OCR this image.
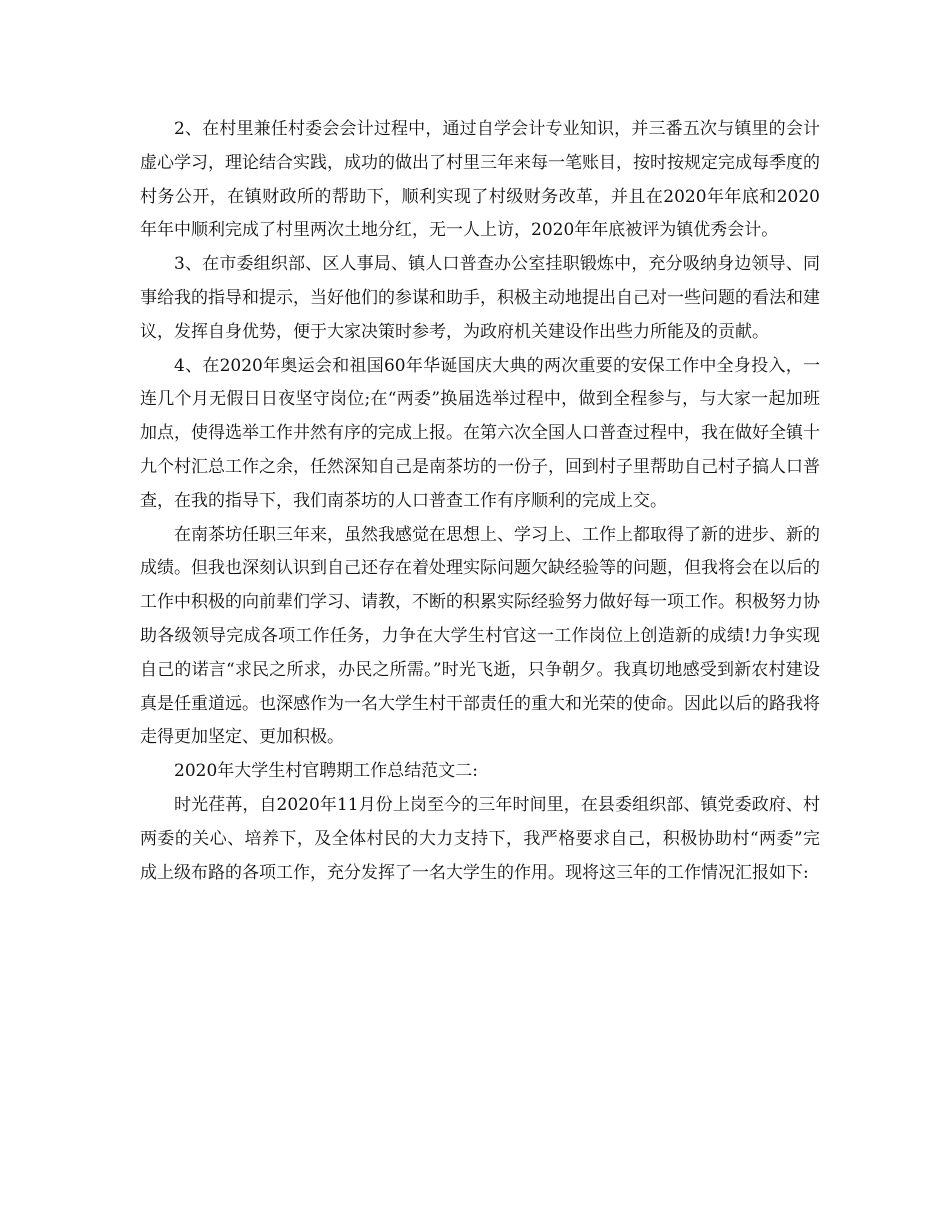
2、在村里兼任村委会会计过程中，通过自学会计专业知识，并三番五次与镇里的会计虚心学习，理论结合实践，成功的做出了村里三年来每一笔账目，按时按规定完成每季度的村务公开，在镇财政所的帮助下，顺利实现了村级财务改革，并且在2020年年底和2020年年中顺利完成了村里两次土地分红，无一人上访，2020年年底被评为镇优秀会计。

3、在市委组织部、区人事局、镇人口普查办公室挂职锻炼中，充分吸纳身边领导、同事给我的指导和提示，当好他们的参谋和助手，积极主动地提出自己对一些问题的看法和建议，发挥自身优势，便于大家决策时参考，为政府机关建设作出些力所能及的贡献。

4、在2020年奥运会和祖国60年华诞国庆大典的两次重要的安保工作中全身投入，一连几个月无假日日夜坚守岗位;在“两委”换届选举过程中，做到全程参与，与大家一起加班加点，使得选举工作井然有序的完成上报。在第六次全国人口普查过程中，我在做好全镇十九个村汇总工作之余，任然深知自己是南茶坊的一份子，回到村子里帮助自己村子搞人口普查，在我的指导下，我们南茶坊的人口普查工作有序顺利的完成上交。

在南茶坊任职三年来，虽然我感觉在思想上、学习上、工作上都取得了新的进步、新的成绩。但我也深刻认识到自己还存在着处理实际问题欠缺经验等的问题，但我将会在以后的工作中积极的向前辈们学习、请教，不断的积累实际经验努力做好每一项工作。积极努力协助各级领导完成各项工作任务，力争在大学生村官这一工作岗位上创造新的成绩!力争实现自己的诺言“求民之所求，办民之所需。”时光飞逝，只争朝夕。我真切地感受到新农村建设真是任重道远。也深感作为一名大学生村干部责任的重大和光荣的使命。因此以后的路我将走得更加坚定、更加积极。

2020年大学生村官聘期工作总结范文二:

时光荏苒，自2020年11月份上岗至今的三年时间里，在县委组织部、镇党委政府、村两委的关心、培养下，及全体村民的大力支持下，我严格要求自己，积极协助村“两委”完成上级布路的各项工作，充分发挥了一名大学生的作用。现将这三年的工作情况汇报如下:
